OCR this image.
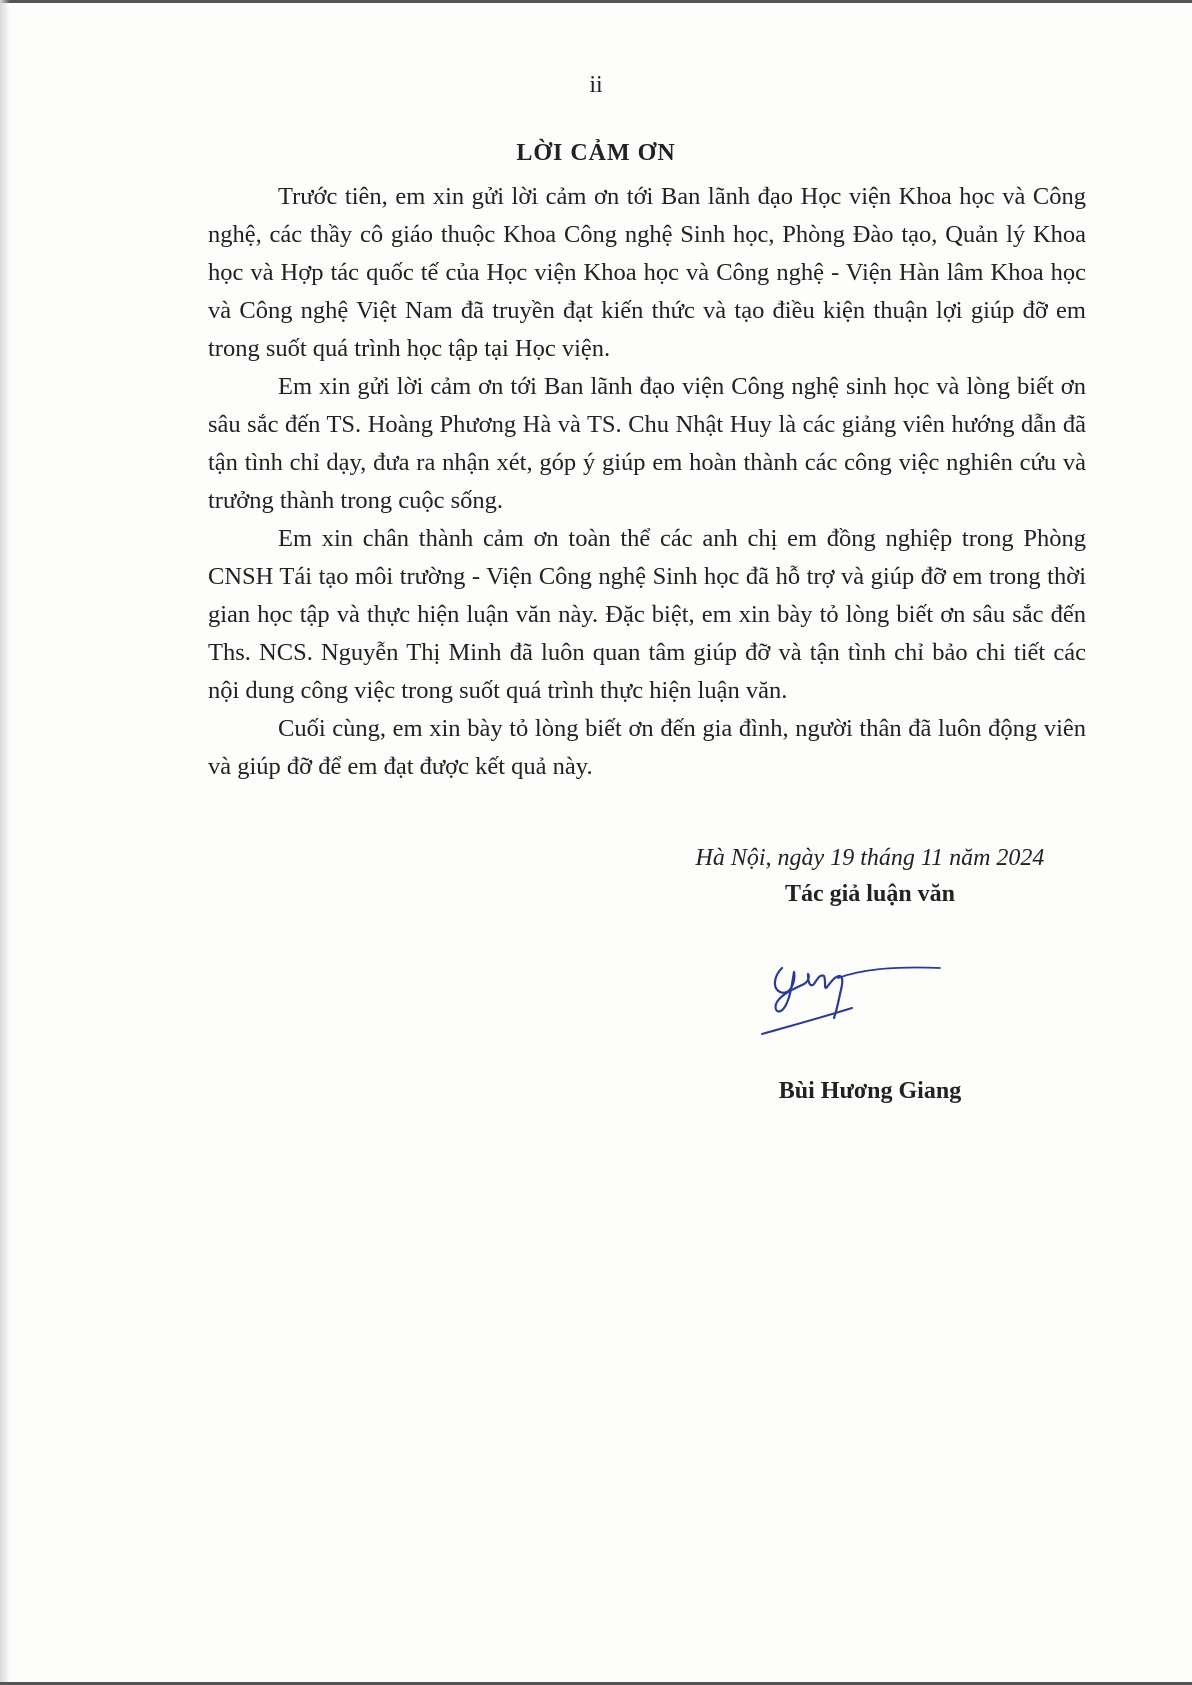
ii
LỜI CẢM ƠN

Trước tiên, em xin gửi lời cảm ơn tới Ban lãnh đạo Học viện Khoa học và Công nghệ, các thầy cô giáo thuộc Khoa Công nghệ Sinh học, Phòng Đào tạo, Quản lý Khoa học và Hợp tác quốc tế của Học viện Khoa học và Công nghệ - Viện Hàn lâm Khoa học và Công nghệ Việt Nam đã truyền đạt kiến thức và tạo điều kiện thuận lợi giúp đỡ em trong suốt quá trình học tập tại Học viện.

Em xin gửi lời cảm ơn tới Ban lãnh đạo viện Công nghệ sinh học và lòng biết ơn sâu sắc đến TS. Hoàng Phương Hà và TS. Chu Nhật Huy là các giảng viên hướng dẫn đã tận tình chỉ dạy, đưa ra nhận xét, góp ý giúp em hoàn thành các công việc nghiên cứu và trưởng thành trong cuộc sống.

Em xin chân thành cảm ơn toàn thể các anh chị em đồng nghiệp trong Phòng CNSH Tái tạo môi trường - Viện Công nghệ Sinh học đã hỗ trợ và giúp đỡ em trong thời gian học tập và thực hiện luận văn này. Đặc biệt, em xin bày tỏ lòng biết ơn sâu sắc đến Ths. NCS. Nguyễn Thị Minh đã luôn quan tâm giúp đỡ và tận tình chỉ bảo chi tiết các nội dung công việc trong suốt quá trình thực hiện luận văn.

Cuối cùng, em xin bày tỏ lòng biết ơn đến gia đình, người thân đã luôn động viên và giúp đỡ để em đạt được kết quả này.

Hà Nội, ngày 19 tháng 11 năm 2024
Tác giả luận văn
Bùi Hương Giang
